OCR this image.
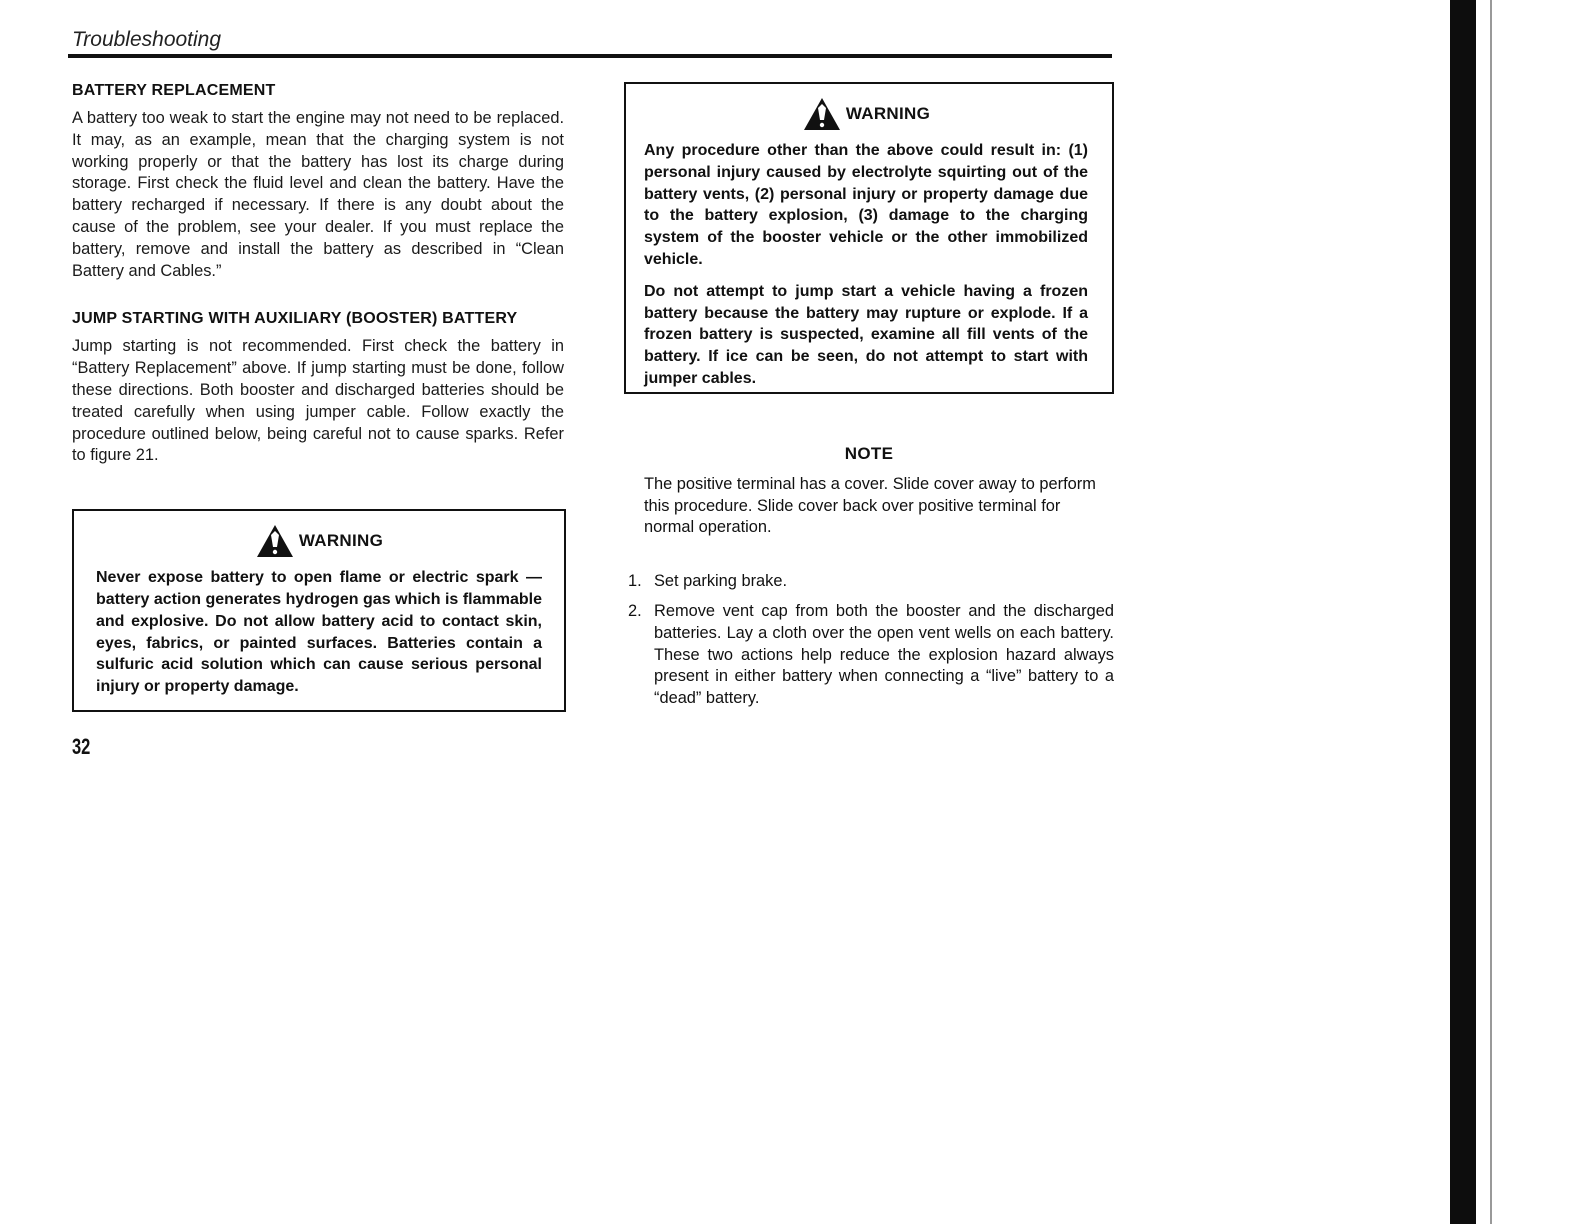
Troubleshooting
BATTERY REPLACEMENT

A battery too weak to start the engine may not need to be replaced. It may, as an example, mean that the charging system is not working properly or that the battery has lost its charge during storage. First check the fluid level and clean the battery. Have the battery recharged if necessary. If there is any doubt about the cause of the problem, see your dealer. If you must replace the battery, remove and install the battery as described in “Clean Battery and Cables.”

JUMP STARTING WITH AUXILIARY (BOOSTER) BATTERY

Jump starting is not recommended. First check the battery in “Battery Replacement” above. If jump starting must be done, follow these directions. Both booster and discharged batteries should be treated carefully when using jumper cable. Follow exactly the procedure outlined below, being careful not to cause sparks. Refer to figure 21.

WARNING

Never expose battery to open flame or electric spark — battery action generates hydrogen gas which is flammable and explosive. Do not allow battery acid to contact skin, eyes, fabrics, or painted surfaces. Batteries contain a sulfuric acid solution which can cause serious personal injury or property damage.

WARNING

Any procedure other than the above could result in: (1) personal injury caused by electrolyte squirting out of the battery vents, (2) personal injury or property damage due to the battery explosion, (3) damage to the charging system of the booster vehicle or the other immobilized vehicle.

Do not attempt to jump start a vehicle having a frozen battery because the battery may rupture or explode. If a frozen battery is suspected, examine all fill vents of the battery. If ice can be seen, do not attempt to start with jumper cables.

NOTE

The positive terminal has a cover. Slide cover away to perform this procedure. Slide cover back over positive terminal for normal operation.

1. Set parking brake.
2. Remove vent cap from both the booster and the discharged batteries. Lay a cloth over the open vent wells on each battery. These two actions help reduce the explosion hazard always present in either battery when connecting a “live” battery to a “dead” battery.
32
